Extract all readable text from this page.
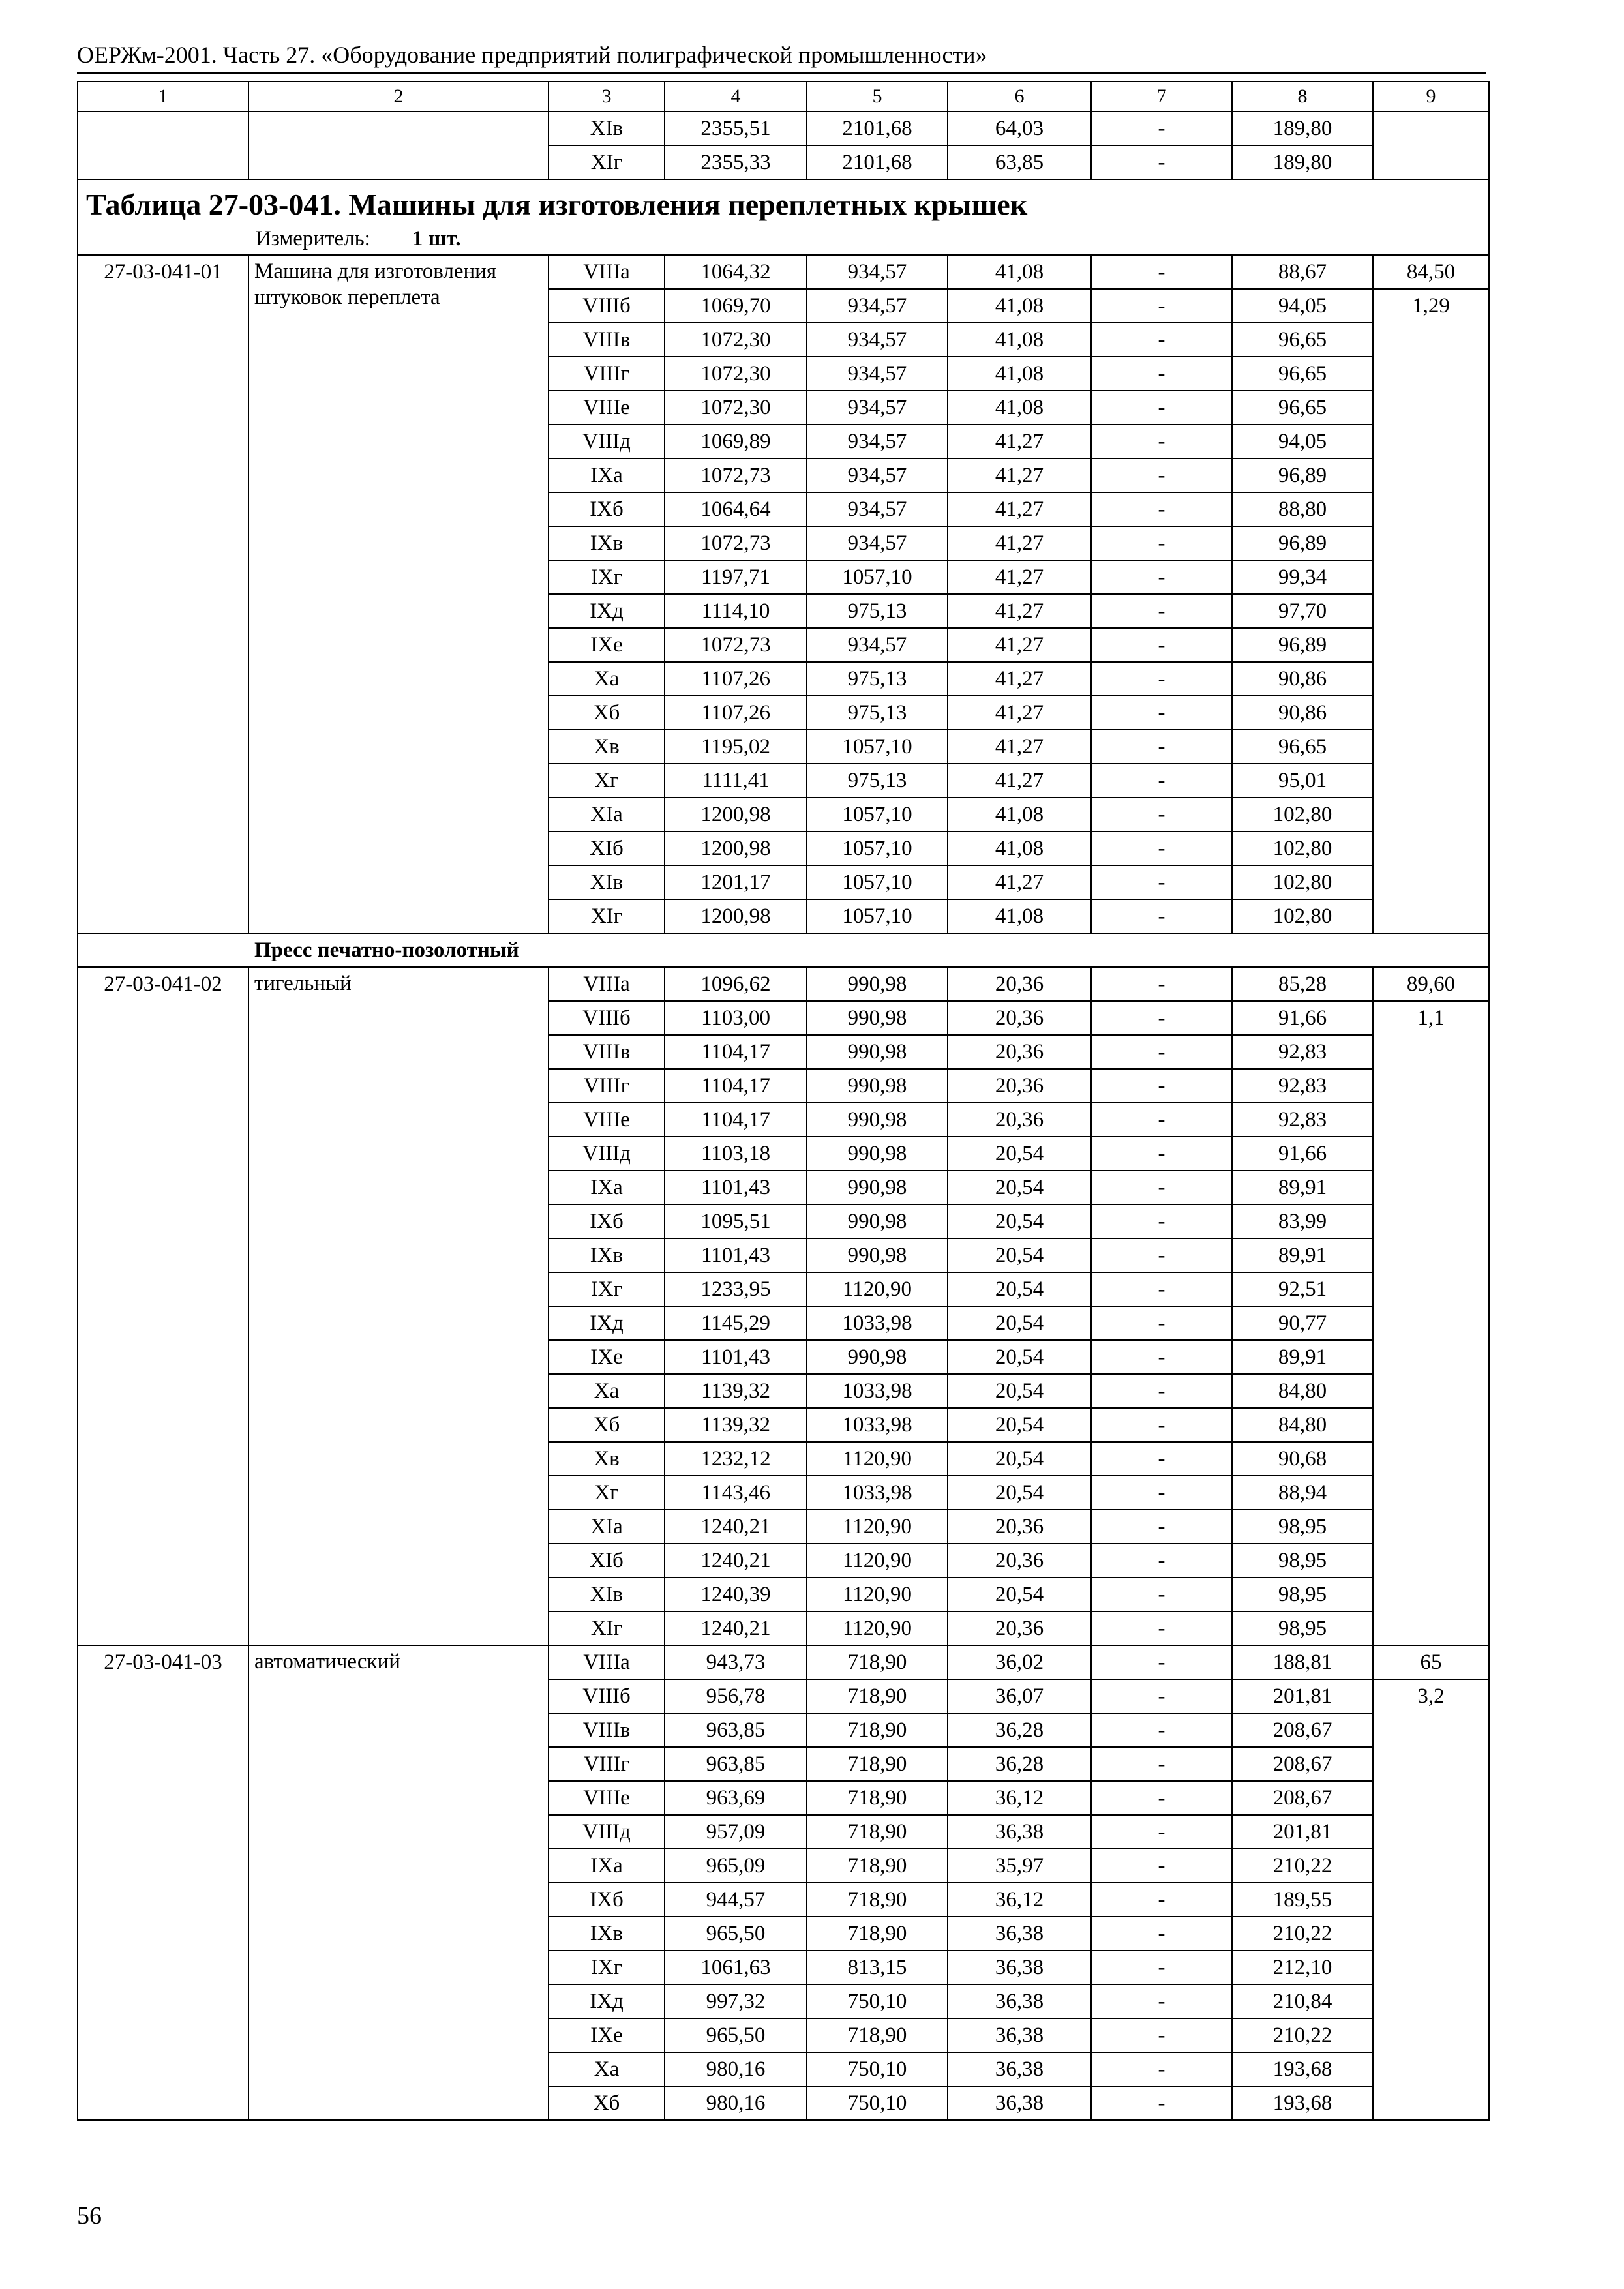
ОЕРЖм-2001. Часть 27. «Оборудование предприятий полиграфической промышленности»
1	2	3	4	5	6	7	8	9
		XIв	2355,51	2101,68	64,03	-	189,80	
		XIг	2355,33	2101,68	63,85	-	189,80	

Таблица 27-03-041. Машины для изготовления переплетных крышек
Измеритель: 1 шт.								

27-03-041-01	Машина для изготовления штуковок переплета	VIIIа	1064,32	934,57	41,08	-	88,67	84,50
		VIIIб	1069,70	934,57	41,08	-	94,05	1,29
		VIIIв	1072,30	934,57	41,08	-	96,65	
		VIIIг	1072,30	934,57	41,08	-	96,65	
		VIIIе	1072,30	934,57	41,08	-	96,65	
		VIIIд	1069,89	934,57	41,27	-	94,05	
		IXа	1072,73	934,57	41,27	-	96,89	
		IXб	1064,64	934,57	41,27	-	88,80	
		IXв	1072,73	934,57	41,27	-	96,89	
		IXг	1197,71	1057,10	41,27	-	99,34	
		IXд	1114,10	975,13	41,27	-	97,70	
		IXе	1072,73	934,57	41,27	-	96,89	
		Xа	1107,26	975,13	41,27	-	90,86	
		Xб	1107,26	975,13	41,27	-	90,86	
		Xв	1195,02	1057,10	41,27	-	96,65	
		Xг	1111,41	975,13	41,27	-	95,01	
		XIа	1200,98	1057,10	41,08	-	102,80	
		XIб	1200,98	1057,10	41,08	-	102,80	
		XIв	1201,17	1057,10	41,27	-	102,80	
		XIг	1200,98	1057,10	41,08	-	102,80	
Пресс печатно-позолотный								
27-03-041-02	тигельный	VIIIа	1096,62	990,98	20,36	-	85,28	89,60
		VIIIб	1103,00	990,98	20,36	-	91,66	1,1
		VIIIв	1104,17	990,98	20,36	-	92,83	
		VIIIг	1104,17	990,98	20,36	-	92,83	
		VIIIе	1104,17	990,98	20,36	-	92,83	
		VIIIд	1103,18	990,98	20,54	-	91,66	
		IXа	1101,43	990,98	20,54	-	89,91	
		IXб	1095,51	990,98	20,54	-	83,99	
		IXв	1101,43	990,98	20,54	-	89,91	
		IXг	1233,95	1120,90	20,54	-	92,51	
		IXд	1145,29	1033,98	20,54	-	90,77	
		IXе	1101,43	990,98	20,54	-	89,91	
		Xа	1139,32	1033,98	20,54	-	84,80	
		Xб	1139,32	1033,98	20,54	-	84,80	
		Xв	1232,12	1120,90	20,54	-	90,68	
		Xг	1143,46	1033,98	20,54	-	88,94	
		XIа	1240,21	1120,90	20,36	-	98,95	
		XIб	1240,21	1120,90	20,36	-	98,95	
		XIв	1240,39	1120,90	20,54	-	98,95	
		XIг	1240,21	1120,90	20,36	-	98,95	
27-03-041-03	автоматический	VIIIа	943,73	718,90	36,02	-	188,81	65
		VIIIб	956,78	718,90	36,07	-	201,81	3,2
		VIIIв	963,85	718,90	36,28	-	208,67	
		VIIIг	963,85	718,90	36,28	-	208,67	
		VIIIе	963,69	718,90	36,12	-	208,67	
		VIIIд	957,09	718,90	36,38	-	201,81	
		IXа	965,09	718,90	35,97	-	210,22	
		IXб	944,57	718,90	36,12	-	189,55	
		IXв	965,50	718,90	36,38	-	210,22	
		IXг	1061,63	813,15	36,38	-	212,10	
		IXд	997,32	750,10	36,38	-	210,84	
		IXе	965,50	718,90	36,38	-	210,22	
		Xа	980,16	750,10	36,38	-	193,68	
		Xб	980,16	750,10	36,38	-	193,68	
56
